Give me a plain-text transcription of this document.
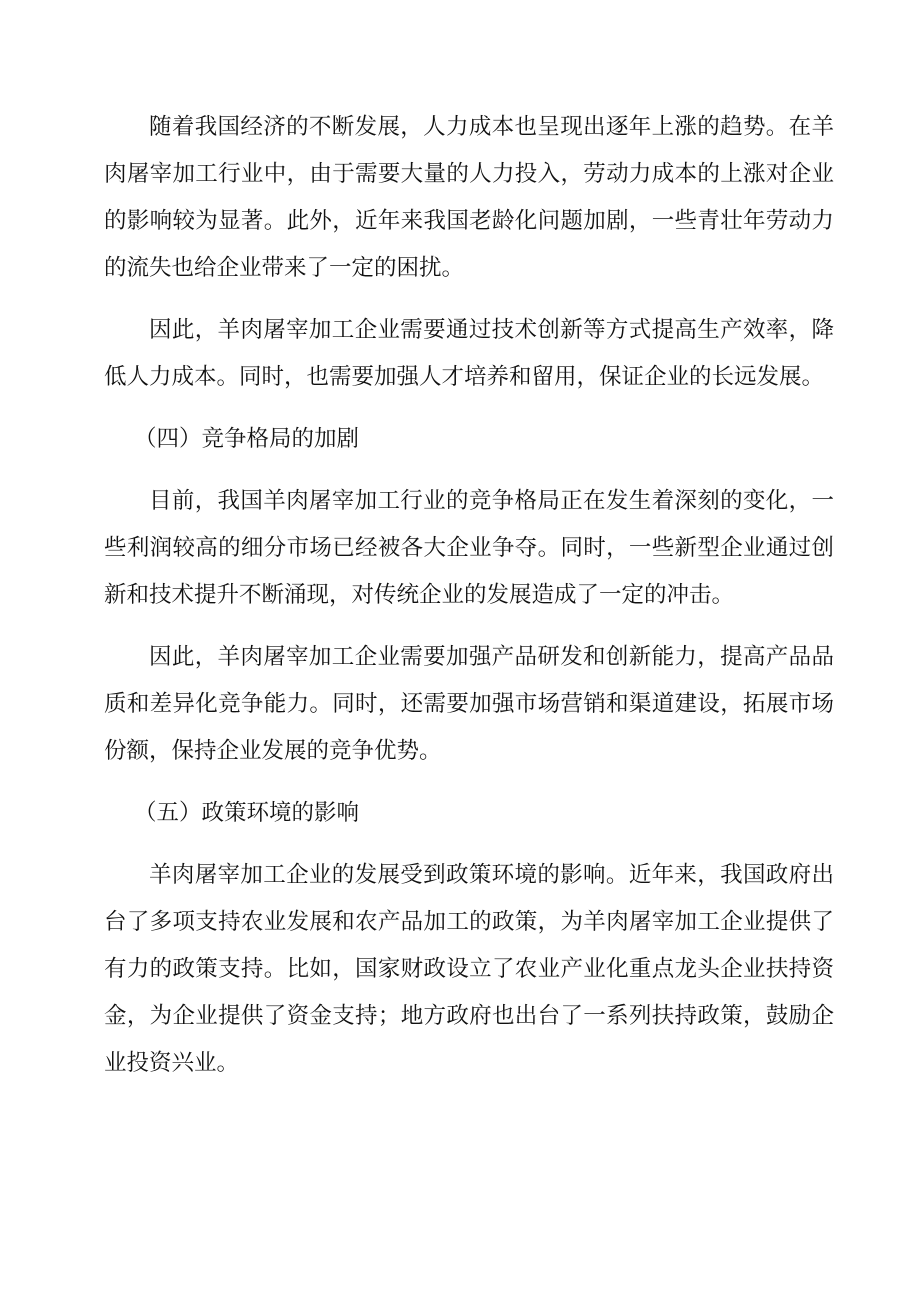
随着我国经济的不断发展，人力成本也呈现出逐年上涨的趋势。在羊肉屠宰加工行业中，由于需要大量的人力投入，劳动力成本的上涨对企业的影响较为显著。此外，近年来我国老龄化问题加剧，一些青壮年劳动力的流失也给企业带来了一定的困扰。

因此，羊肉屠宰加工企业需要通过技术创新等方式提高生产效率，降低人力成本。同时，也需要加强人才培养和留用，保证企业的长远发展。

（四）竞争格局的加剧

目前，我国羊肉屠宰加工行业的竞争格局正在发生着深刻的变化，一些利润较高的细分市场已经被各大企业争夺。同时，一些新型企业通过创新和技术提升不断涌现，对传统企业的发展造成了一定的冲击。

因此，羊肉屠宰加工企业需要加强产品研发和创新能力，提高产品品质和差异化竞争能力。同时，还需要加强市场营销和渠道建设，拓展市场份额，保持企业发展的竞争优势。

（五）政策环境的影响

羊肉屠宰加工企业的发展受到政策环境的影响。近年来，我国政府出台了多项支持农业发展和农产品加工的政策，为羊肉屠宰加工企业提供了有力的政策支持。比如，国家财政设立了农业产业化重点龙头企业扶持资金，为企业提供了资金支持；地方政府也出台了一系列扶持政策，鼓励企业投资兴业。
